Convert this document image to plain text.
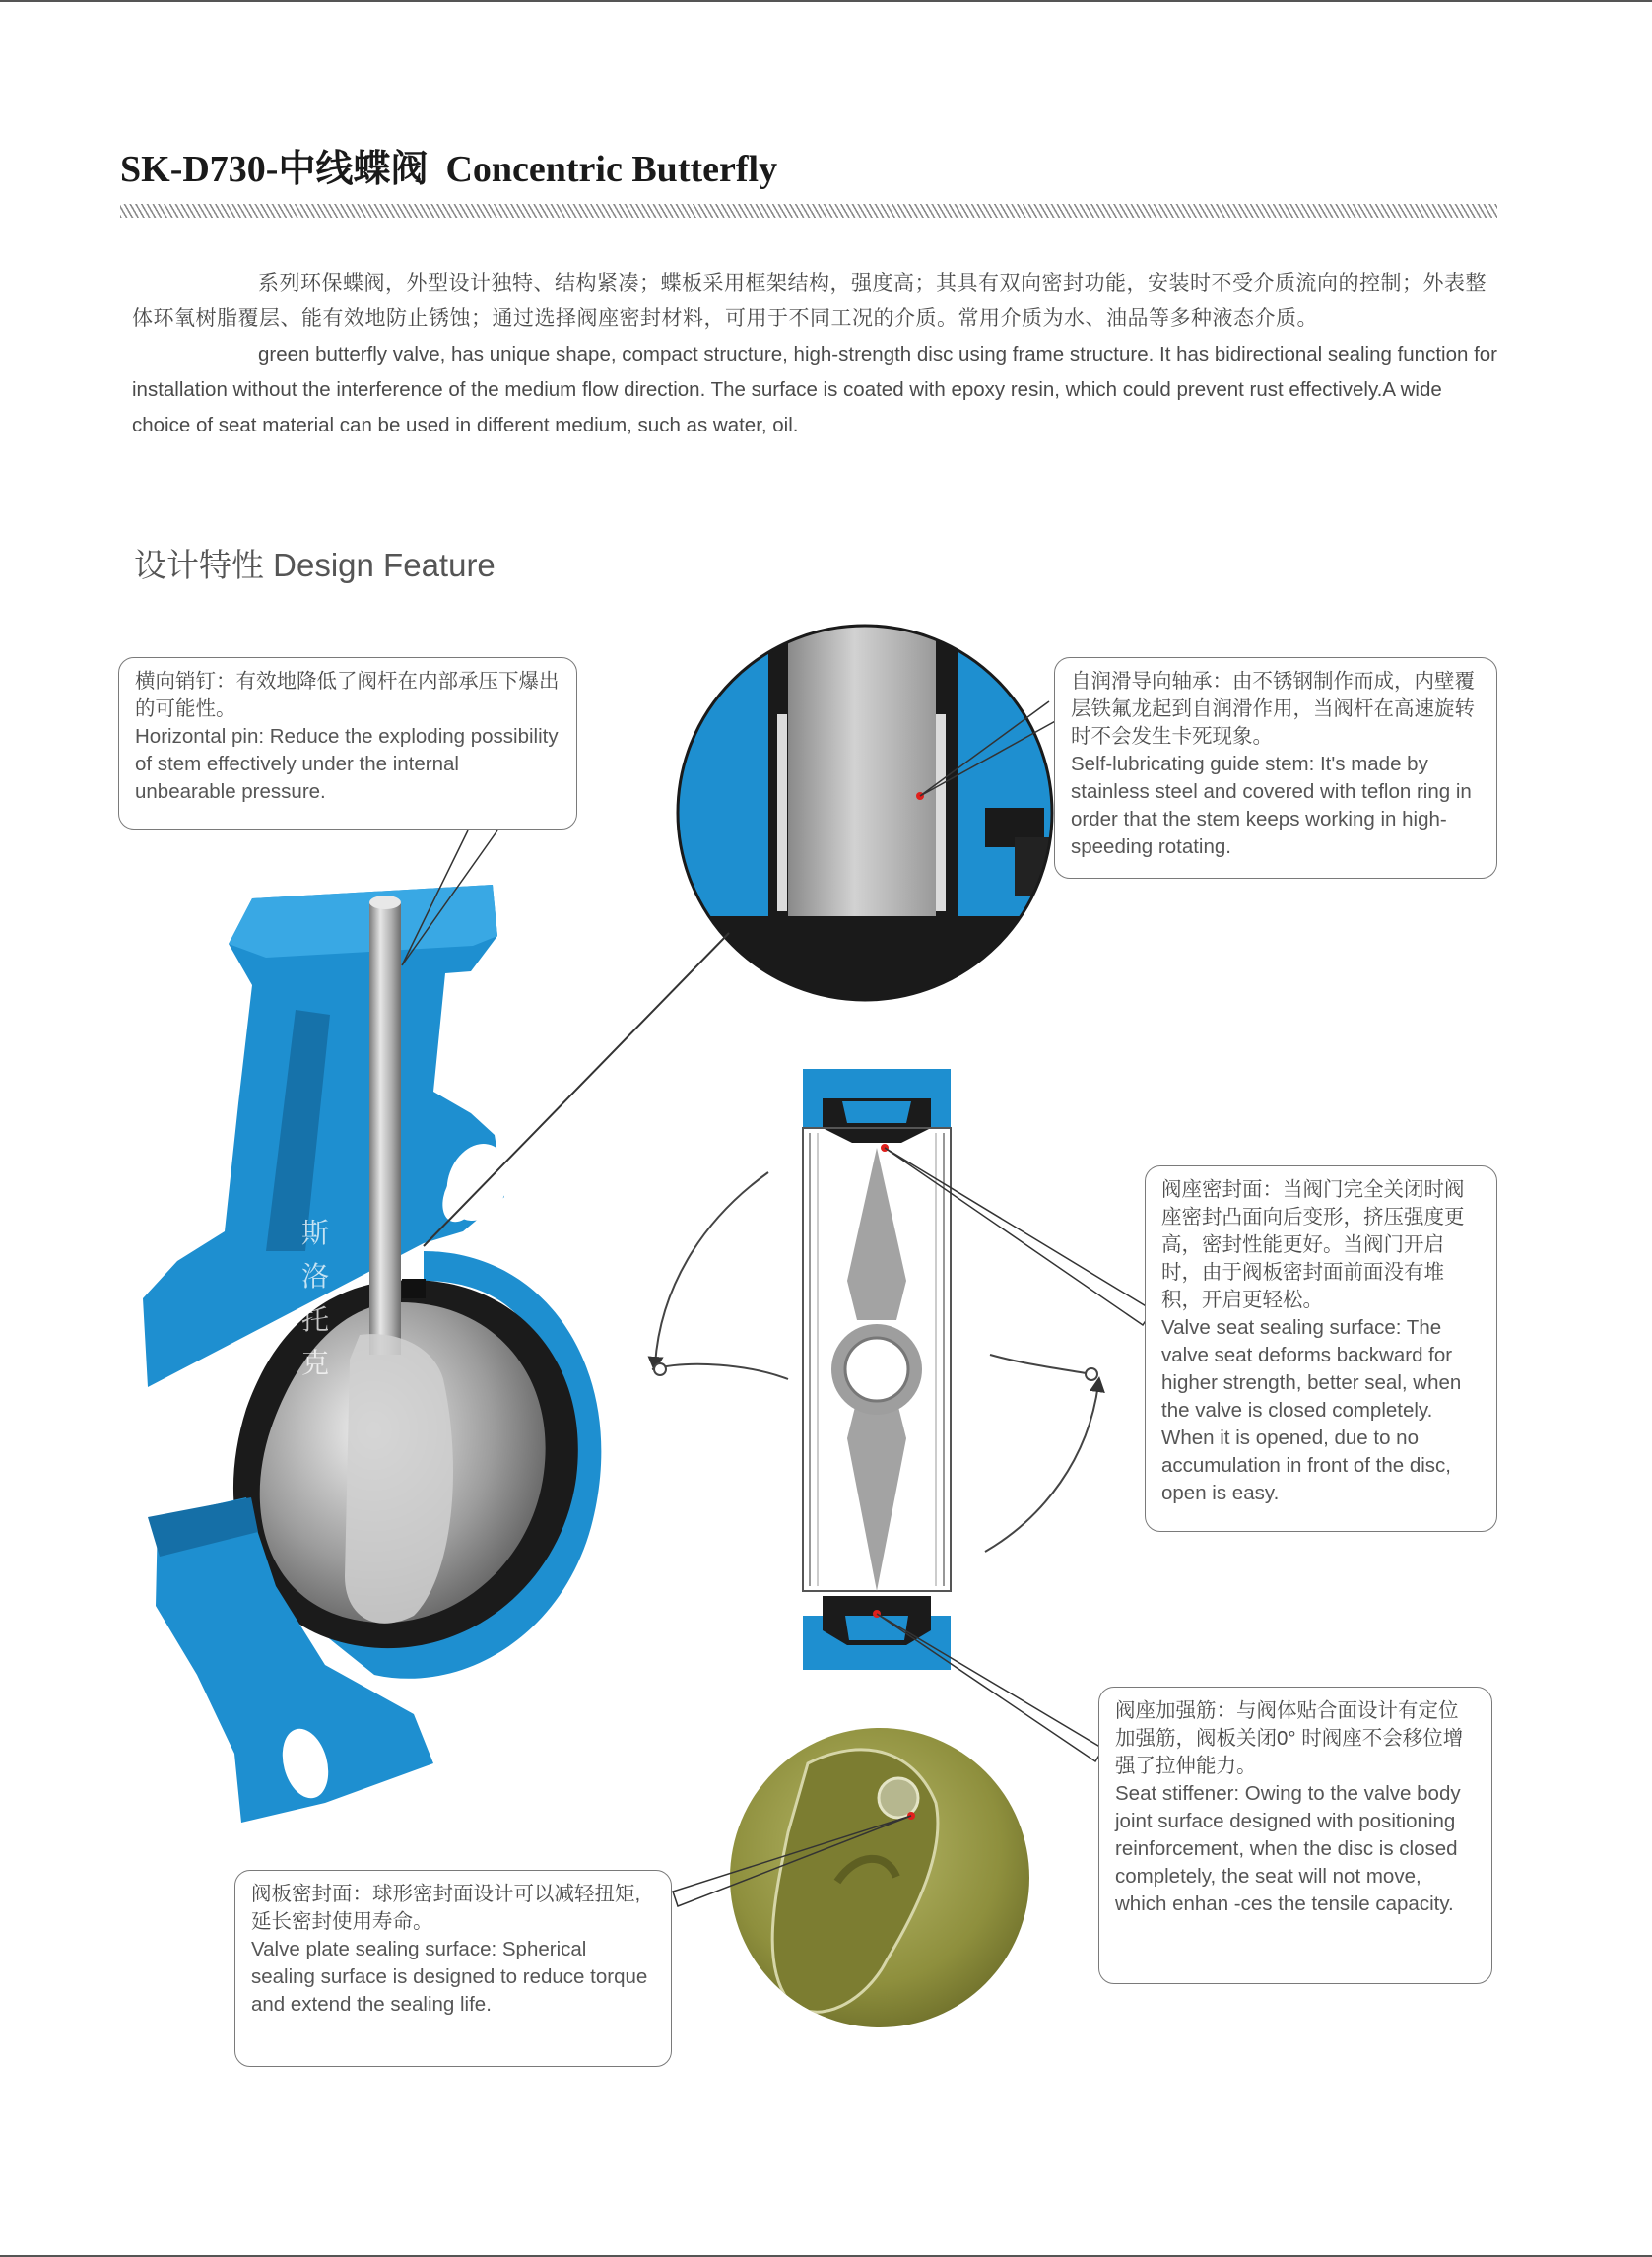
SK-D730-中线蝶阀 Concentric Butterfly

系列环保蝶阀，外型设计独特、结构紧凑；蝶板采用框架结构，强度高；其具有双向密封功能，安装时不受介质流向的控制；外表整体环氧树脂覆层、能有效地防止锈蚀；通过选择阀座密封材料，可用于不同工况的介质。常用介质为水、油品等多种液态介质。

green butterfly valve, has unique shape, compact structure, high-strength disc using frame structure. It has bidirectional sealing function for installation without the interference of the medium flow direction. The surface is coated with epoxy resin, which could prevent rust effectively.A wide choice of seat material can be used in different medium, such as water, oil.

设计特性 Design Feature
斯
洛
托
克
横向销钉：有效地降低了阀杆在内部承压下爆出的可能性。
Horizontal pin: Reduce the exploding possibility of stem effectively under the internal unbearable pressure.
自润滑导向轴承：由不锈钢制作而成，内壁覆层铁氟龙起到自润滑作用，当阀杆在高速旋转时不会发生卡死现象。
Self-lubricating guide stem: It's made by stainless steel and covered with teflon ring in order that the stem keeps working in high-speeding rotating.
阀座密封面：当阀门完全关闭时阀座密封凸面向后变形，挤压强度更高，密封性能更好。当阀门开启时，由于阀板密封面前面没有堆积，开启更轻松。
Valve seat sealing surface: The valve seat deforms backward for higher strength, better seal, when the valve is closed completely. When it is opened, due to no accumulation in front of the disc, open is easy.
阀座加强筋：与阀体贴合面设计有定位加强筋，阀板关闭0° 时阀座不会移位增强了拉伸能力。
Seat stiffener: Owing to the valve body joint surface designed with positioning reinforcement, when the disc is closed completely, the seat will not move, which enhan -ces the tensile capacity.
阀板密封面：球形密封面设计可以减轻扭矩,延长密封使用寿命。
Valve plate sealing surface: Spherical sealing surface is designed to reduce torque and extend the sealing life.
